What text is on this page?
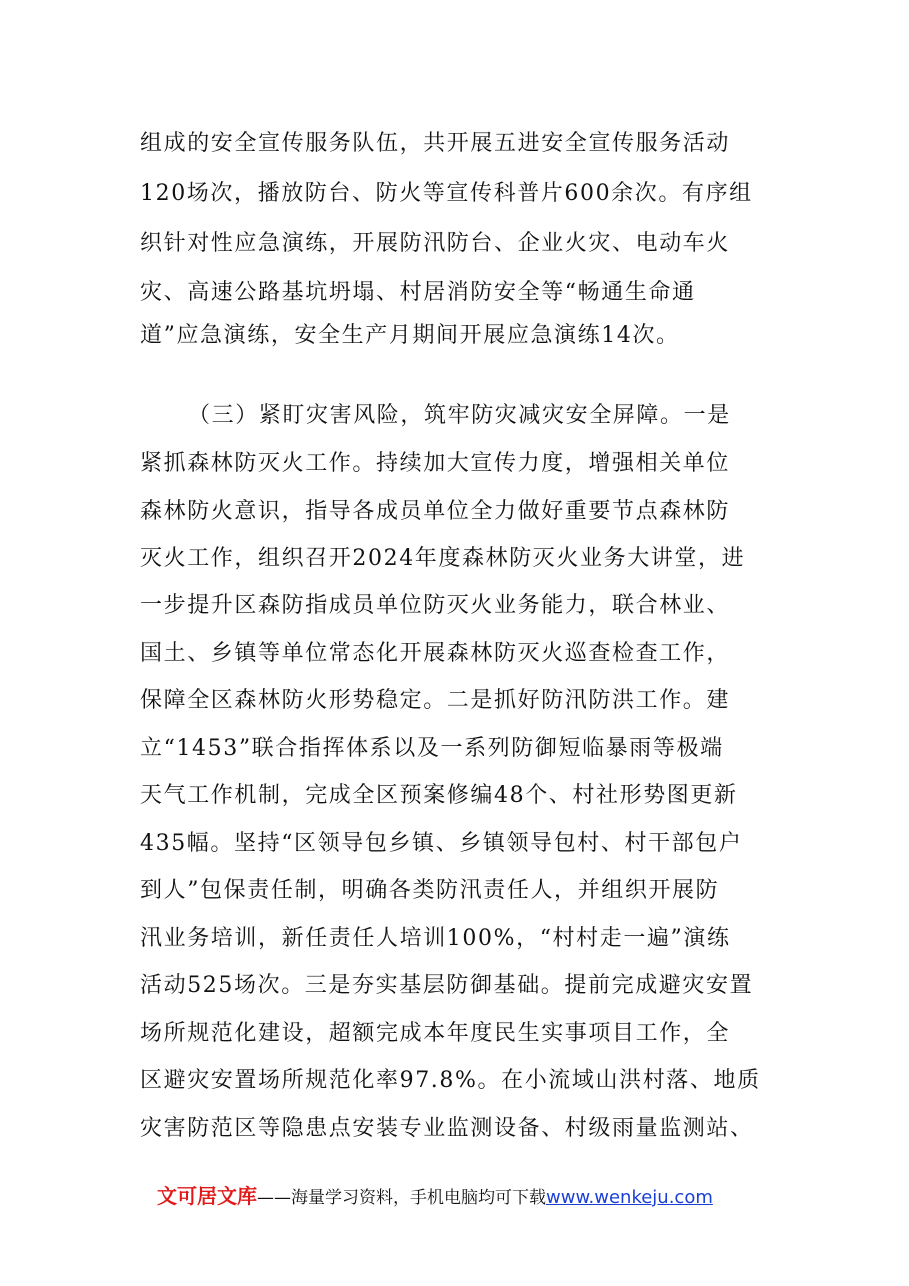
组成的安全宣传服务队伍，共开展五进安全宣传服务活动
120场次，播放防台、防火等宣传科普片600余次。有序组
织针对性应急演练，开展防汛防台、企业火灾、电动车火
灾、高速公路基坑坍塌、村居消防安全等“畅通生命通
道”应急演练，安全生产月期间开展应急演练14次。
（三）紧盯灾害风险，筑牢防灾减灾安全屏障。一是
紧抓森林防灭火工作。持续加大宣传力度，增强相关单位
森林防火意识，指导各成员单位全力做好重要节点森林防
灭火工作，组织召开2024年度森林防灭火业务大讲堂，进
一步提升区森防指成员单位防灭火业务能力，联合林业、
国土、乡镇等单位常态化开展森林防灭火巡查检查工作，
保障全区森林防火形势稳定。二是抓好防汛防洪工作。建
立“1453”联合指挥体系以及一系列防御短临暴雨等极端
天气工作机制，完成全区预案修编48个、村社形势图更新
435幅。坚持“区领导包乡镇、乡镇领导包村、村干部包户
到人”包保责任制，明确各类防汛责任人，并组织开展防
汛业务培训，新任责任人培训100%，“村村走一遍”演练
活动525场次。三是夯实基层防御基础。提前完成避灾安置
场所规范化建设，超额完成本年度民生实事项目工作，全
区避灾安置场所规范化率97.8%。在小流域山洪村落、地质
灾害防范区等隐患点安装专业监测设备、村级雨量监测站、
文可居文库——海量学习资料，手机电脑均可下载www.wenkeju.com
